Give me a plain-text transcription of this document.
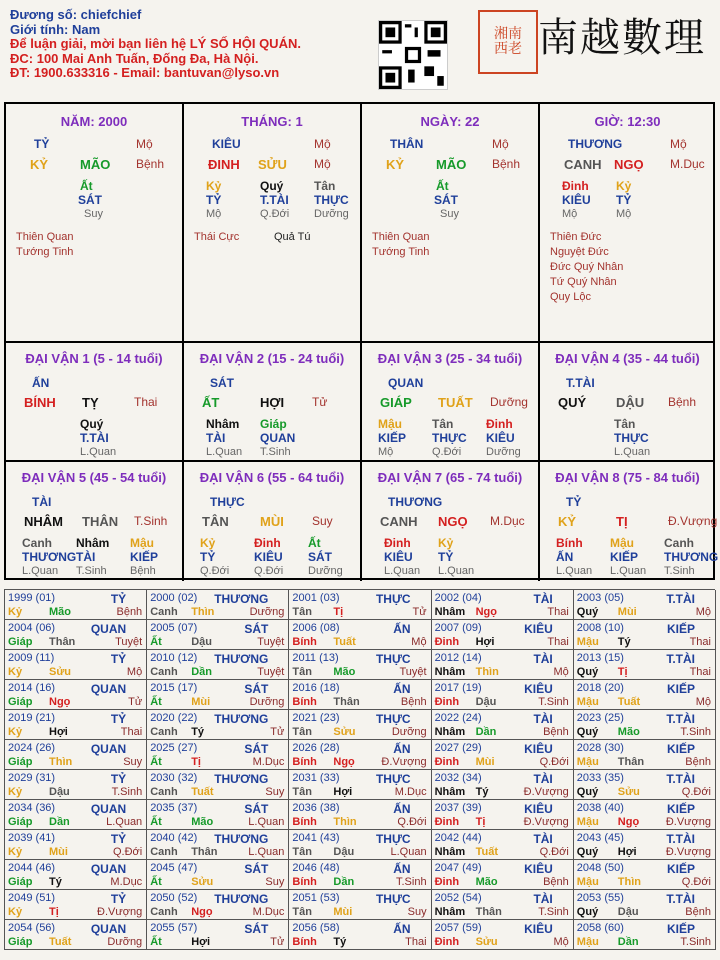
Đương số: chiefchief
Giới tính: Nam
Để luận giải, mời bạn liên hệ LÝ SỐ HỘI QUÁN.
ĐC: 100 Mai Anh Tuấn, Đống Đa, Hà Nội.
ĐT: 1900.633316 - Email: bantuvan@lyso.vn
湘南
西老 南越數理
NĂM: 2000
TỶ	Mộ
KỶ MÃO Bệnh
Ất
SÁT
Suy
Thiên Quan
Tướng Tinh
THÁNG: 1
KIÊU	Mộ
ĐINH SỬU Mộ
Kỷ	Quý	Tân
TỶ	T.TÀI THỰC
Mộ	Q.Đới Dưỡng
Thái Cực	Quả Tú
NGÀY: 22
THÂN	Mộ
KỶ MÃO Bệnh
Ất
SÁT
Suy
Thiên Quan
Tướng Tinh
GIỜ: 12:30
THƯƠNG	Mộ
CANH NGỌ M.Dục
Đinh Kỷ
KIÊU TỶ
Mộ	Mộ
Thiên Đức
Nguyệt Đức
Đức Quý Nhân
Tứ Quý Nhân
Quy Lộc
ĐẠI VẬN 1 (5 - 14 tuổi)
ẤN
BÍNH TỴ	Thai
Quý
T.TÀI
L.Quan
ĐẠI VẬN 2 (15 - 24 tuổi)
SÁT
ẤT	HỢI Tử
Nhâm Giáp
TÀI	QUAN
L.Quan T.Sinh
ĐẠI VẬN 3 (25 - 34 tuổi)
QUAN
GIÁP TUẤT Dưỡng
Mậu	Tân	Đinh
KIẾP THỰC KIÊU
Mộ	Q.Đới Dưỡng
ĐẠI VẬN 4 (35 - 44 tuổi)
T.TÀI
QUÝ DẬU Bệnh
Tân
THỰC
L.Quan
ĐẠI VẬN 5 (45 - 54 tuổi)
TÀI
NHÂM THÂN T.Sinh
Canh Nhâm Mậu
THƯƠNG TÀI	KIẾP
L.Quan T.Sinh Bệnh
ĐẠI VẬN 6 (55 - 64 tuổi)
THỰC
TÂN MÙI Suy
Kỷ	Đinh Ất
TỶ	KIÊU SÁT
Q.Đới Q.Đới Dưỡng
ĐẠI VẬN 7 (65 - 74 tuổi)
THƯƠNG
CANH NGỌ M.Dục
Đinh Kỷ
KIÊU TỶ
L.Quan L.Quan
ĐẠI VẬN 8 (75 - 84 tuổi)
TỶ
KỶ	TỊ	Đ.Vượng
Bính Mậu	Canh
ẤN	KIẾP THƯƠNG
L.Quan L.Quan T.Sinh
1999 (01)	TỶ
Kỷ Mão	Bệnh
2000 (02) THƯƠNG
Canh Thìn	Dưỡng
2001 (03)	THỰC
Tân Tị	Tử
2002 (04)	TÀI
Nhâm Ngọ	Thai
2003 (05)	T.TÀI
Quý Mùi	Mộ
2004 (06)	QUAN
Giáp Thân	Tuyệt
2005 (07)	SÁT
Ất	Dậu	Tuyệt
2006 (08)	ẤN
Bính Tuất	Mộ
2007 (09)	KIÊU
Đinh Hợi	Thai
2008 (10)	KIẾP
Mậu Tý	Thai
2009 (11)	TỶ
Kỷ Sửu	Mộ
2010 (12) THƯƠNG
Canh Dần	Tuyệt
2011 (13)	THỰC
Tân Mão	Tuyệt
2012 (14)	TÀI
Nhâm Thìn	Mộ
2013 (15)	T.TÀI
Quý Tị	Thai
2014 (16)	QUAN
Giáp Ngọ	Tử
2015 (17)	SÁT
Ất	Mùi	Dưỡng
2016 (18)	ẤN
Bính Thân	Bệnh
2017 (19)	KIÊU
Đinh Dậu	T.Sinh
2018 (20)	KIẾP
Mậu Tuất	Mộ
2019 (21)	TỶ
Kỷ Hợi	Thai
2020 (22) THƯƠNG
Canh Tý	Tử
2021 (23)	THỰC
Tân Sửu	Dưỡng
2022 (24)	TÀI
Nhâm Dần	Bệnh
2023 (25)	T.TÀI
Quý Mão	T.Sinh
2024 (26)	QUAN
Giáp Thìn	Suy
2025 (27)	SÁT
Ất	Tị	M.Dục
2026 (28)	ẤN
Bính Ngọ Đ.Vượng
2027 (29)	KIÊU
Đinh Mùi	Q.Đới
2028 (30)	KIẾP
Mậu Thân	Bệnh
2029 (31)	TỶ
Kỷ Dậu	T.Sinh
2030 (32) THƯƠNG
Canh Tuất	Suy
2031 (33)	THỰC
Tân Hợi	M.Dục
2032 (34)	TÀI
Nhâm Tý	Đ.Vượng
2033 (35)	T.TÀI
Quý Sửu	Q.Đới
2034 (36)	QUAN
Giáp Dần	L.Quan
2035 (37)	SÁT
Ất	Mão	L.Quan
2036 (38)	ẤN
Bính Thìn	Q.Đới
2037 (39)	KIÊU
Đinh Tị	Đ.Vượng
2038 (40)	KIẾP
Mậu Ngọ Đ.Vượng
2039 (41)	TỶ
Kỷ Mùi	Q.Đới
2040 (42) THƯƠNG
Canh Thân	L.Quan
2041 (43)	THỰC
Tân Dậu	L.Quan
2042 (44)	TÀI
Nhâm Tuất	Q.Đới
2043 (45)	T.TÀI
Quý Hợi	Đ.Vượng
2044 (46)	QUAN
Giáp Tý	M.Dục
2045 (47)	SÁT
Ất	Sửu	Suy
2046 (48)	ẤN
Bính Dần	T.Sinh
2047 (49)	KIÊU
Đinh Mão	Bệnh
2048 (50)	KIẾP
Mậu Thìn	Q.Đới
2049 (51)	TỶ
Kỷ Tị	Đ.Vượng
2050 (52) THƯƠNG
Canh Ngọ	M.Dục
2051 (53)	THỰC
Tân Mùi	Suy
2052 (54)	TÀI
Nhâm Thân	T.Sinh
2053 (55)	T.TÀI
Quý Dậu	Bệnh
2054 (56)	QUAN
Giáp Tuất	Dưỡng
2055 (57)	SÁT
Ất	Hợi	Tử
2056 (58)	ẤN
Bính Tý	Thai
2057 (59)	KIÊU
Đinh Sửu	Mộ
2058 (60)	KIẾP
Mậu Dần	T.Sinh
